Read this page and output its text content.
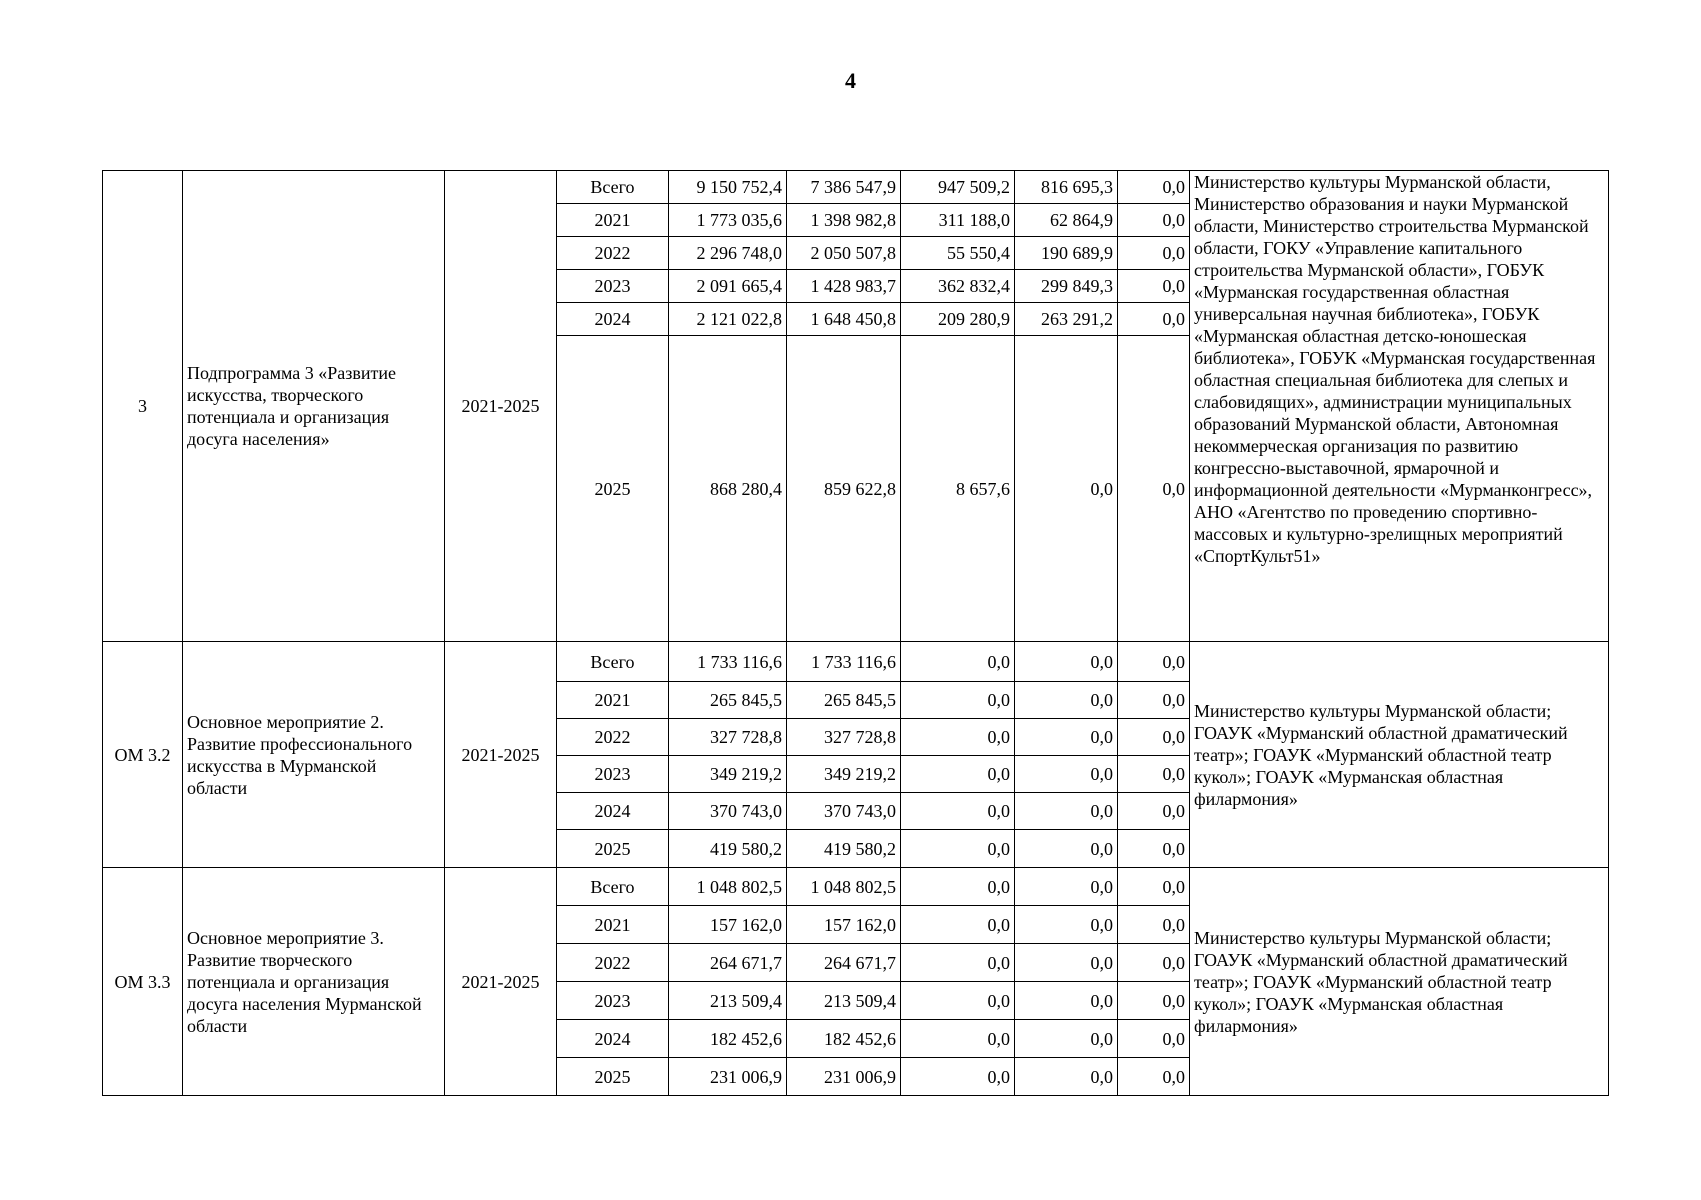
4
3	Подпрограмма 3 «Развитие искусства, творческого потенциала и организация досуга населения»	2021-2025	Всего	9 150 752,4	7 386 547,9	947 509,2	816 695,3	0,0	Министерство культуры Мурманской области, Министерство образования и науки Мурманской области, Министерство строительства Мурманской области, ГОКУ «Управление капитального строительства Мурманской области», ГОБУК «Мурманская государственная областная универсальная научная библиотека», ГОБУК «Мурманская областная детско-юношеская библиотека», ГОБУК «Мурманская государственная областная специальная библиотека для слепых и слабовидящих», администрации муниципальных образований Мурманской области, Автономная некоммерческая организация по развитию конгрессно-выставочной, ярмарочной и информационной деятельности «Мурманконгресс», АНО «Агентство по проведению спортивно-массовых и культурно-зрелищных мероприятий «СпортКульт51»
			2021	1 773 035,6	1 398 982,8	311 188,0	62 864,9	0,0	
			2022	2 296 748,0	2 050 507,8	55 550,4	190 689,9	0,0	
			2023	2 091 665,4	1 428 983,7	362 832,4	299 849,3	0,0	
			2024	2 121 022,8	1 648 450,8	209 280,9	263 291,2	0,0	
			2025	868 280,4	859 622,8	8 657,6	0,0	0,0	
ОМ 3.2	Основное мероприятие 2. Развитие профессионального искусства в Мурманской области	2021-2025	Всего	1 733 116,6	1 733 116,6	0,0	0,0	0,0	Министерство культуры Мурманской области; ГОАУК «Мурманский областной драматический театр»; ГОАУК «Мурманский областной театр кукол»; ГОАУК «Мурманская областная филармония»
			2021	265 845,5	265 845,5	0,0	0,0	0,0	
			2022	327 728,8	327 728,8	0,0	0,0	0,0	
			2023	349 219,2	349 219,2	0,0	0,0	0,0	
			2024	370 743,0	370 743,0	0,0	0,0	0,0	
			2025	419 580,2	419 580,2	0,0	0,0	0,0	
ОМ 3.3	Основное мероприятие 3. Развитие творческого потенциала и организация досуга населения Мурманской области	2021-2025	Всего	1 048 802,5	1 048 802,5	0,0	0,0	0,0	Министерство культуры Мурманской области; ГОАУК «Мурманский областной драматический театр»; ГОАУК «Мурманский областной театр кукол»; ГОАУК «Мурманская областная филармония»
			2021	157 162,0	157 162,0	0,0	0,0	0,0	
			2022	264 671,7	264 671,7	0,0	0,0	0,0	
			2023	213 509,4	213 509,4	0,0	0,0	0,0	
			2024	182 452,6	182 452,6	0,0	0,0	0,0	
			2025	231 006,9	231 006,9	0,0	0,0	0,0	
